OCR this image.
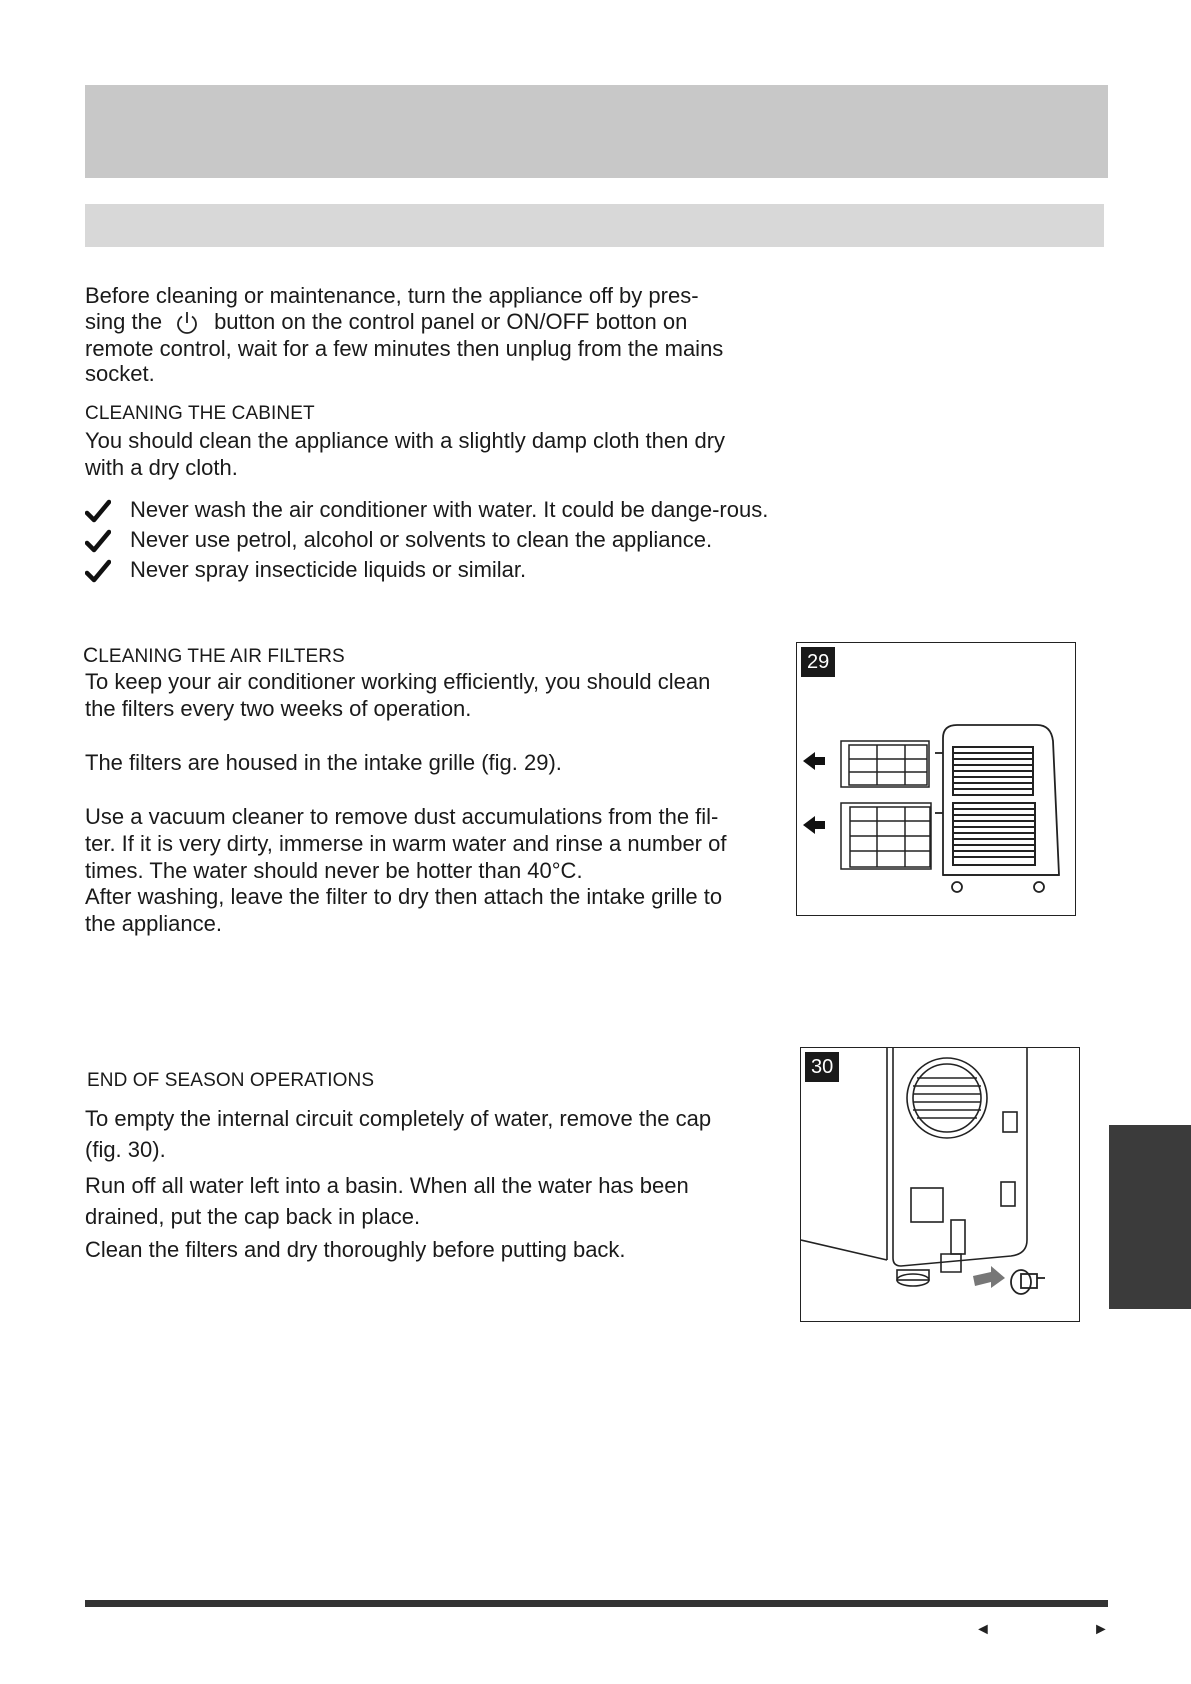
Before cleaning or maintenance, turn the appliance off by pres-

sing the button on the control panel or ON/OFF botton on

remote control, wait for a few minutes then unplug from the mains

socket.

CLEANING THE CABINET

You should clean the appliance with a slightly damp cloth then dry

with a dry cloth.

Never wash the air conditioner with water. It could be dange-rous.
Never use petrol, alcohol or solvents to clean the appliance.
Never spray insecticide liquids or similar.
CLEANING THE AIR FILTERS

To keep your air conditioner working efficiently, you should clean

the filters every two weeks of operation.

The filters are housed in the intake grille (fig. 29).

Use a vacuum cleaner to remove dust accumulations from the fil-

ter. If it is very dirty, immerse in warm water and rinse a number of

times. The water should never be hotter than 40°C.

After washing, leave the filter to dry then attach the intake grille to

the appliance.

29
END OF SEASON OPERATIONS

To empty the internal circuit completely of water, remove the cap

(fig. 30).

Run off all water left into a basin. When all the water has been

drained, put the cap back in place.

Clean the filters and dry thoroughly before putting back.

30
◄	►
